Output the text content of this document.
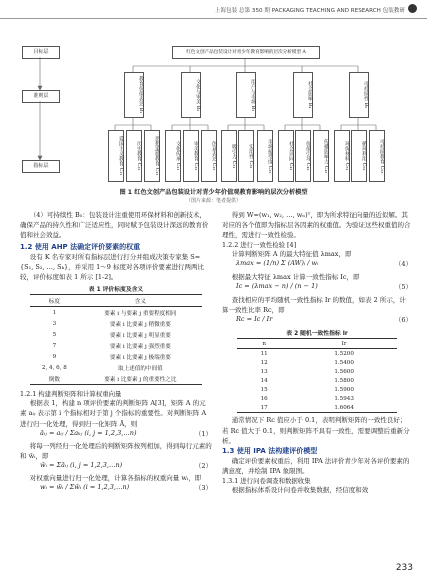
上海包装 总第 350 期 PACKAGING TEACHING AND RESEARCH 包装教研
目标层
准则层
指标层
红色文创产品包装设计对青少年教育影响的层次分析模型 A
教育价值表达 B₁	文化与审美 B₂	用户与市场 B₃	社会影响 B₄	可持续性 B₅
爱国主义教育 C₁₁	历史教育 C₁₂	思想道德教育 C₁₃	文化传承 C₂₁	审美教育 C₂₂	创意表达 C₂₃	吸引力 C₃₁	实用性 C₃₂	市场接受度 C₃₃	社会认同 C₄₁	价值引导 C₄₂	传播影响力 C₄₃	环保材料 C₅₁	循环利用 C₅₂	可持续教育 C₅₃
图 1 红色文创产品包装设计对青少年价值观教育影响的层次分析模型
（图片来源：笔者提供）
（4）可持续性 B₅：包装设计注重使用环保材料和创新技术，确保产品的持久性和广泛适应性，同时赋予包装设计深远的教育价值和社会效益。
1.2 使用 AHP 法确定评价要素的权重
设有 K 名专家对所有指标层进行打分并组成决策专家集 S={S₁, S₂, …, Sₖ}，并采用 1～9 标度对各项评价要素进行两两比较，评价标度如表 1 所示 [1-2]。
表 1 评价标度及含义
标度	含义
1	要素 i 与要素 j 重要程度相同
3	要素 i 比要素 j 稍微重要
5	要素 i 比要素 j 明显重要
7	要素 i 比要素 j 强烈重要
9	要素 i 比要素 j 极端重要
2, 4, 6, 8	取上述值的中间值
倒数	要素 i 比要素 j 的重要性之比
1.2.1 构建判断矩阵和计算权重向量
根据表 1，构建 n 项评价要素的判断矩阵 A[3]，矩阵 A 的元素 aᵢⱼ 表示第 i 个指标相对于第 j 个指标的重要性。对判断矩阵 A 进行归一化处理，得到归一化矩阵 Ā，则
āᵢⱼ = aᵢⱼ / Σaₖⱼ (i, j = 1,2,3,…n)	（1）
将每一列经归一化处理后的判断矩阵按列相加，得到每行元素的和 w̄ᵢ，即
w̄ᵢ = Σāᵢⱼ (i, j = 1,2,3,…n)	（2）
对权重向量进行归一化处理，计算各指标的权重向量 wᵢ，即
wᵢ = w̄ᵢ / Σw̄ᵢ (i = 1,2,3,…n)	（3）
得到 W=(w₁, w₂, …, wₙ)ᵀ，即为所求特征向量的近似解。其对应的各个值即为指标层各因素的权重值。为验证这些权重值的合理性，需进行一致性检验。
1.2.2 进行一致性检验 [4]
计算判断矩阵 A 的最大特征值 λmax，即
λmax = (1/n) Σ (AW)ᵢ / wᵢ	（4）
根据最大特征 λmax 计算一致性指标 Ic，即
Ic = (λmax − n) / (n − 1)	（5）
查找相应的平均随机一致性指标 Ir 的数值，如表 2 所示，计算一致性比率 Rc，即
Rc = Ic / Ir	（6）
表 2 随机一致性指标 Ir
n	Ir
11	1.5200
12	1.5400
13	1.5600
14	1.5800
15	1.5900
16	1.5943
17	1.6064
通常情况下 Rc 值应小于 0.1，表明判断矩阵的一致性良好；若 Rc 值大于 0.1，则判断矩阵不具有一致性，需要调整后重新分析。
1.3 使用 IPA 法构建评价模型
确定评价要素权重后，利用 IPA 法评价青少年对各评价要素的满意度，并绘制 IPA 象限图。
1.3.1 进行问卷调查和数据收集
根据指标体系设计问卷并收集数据，经信度和效
233
